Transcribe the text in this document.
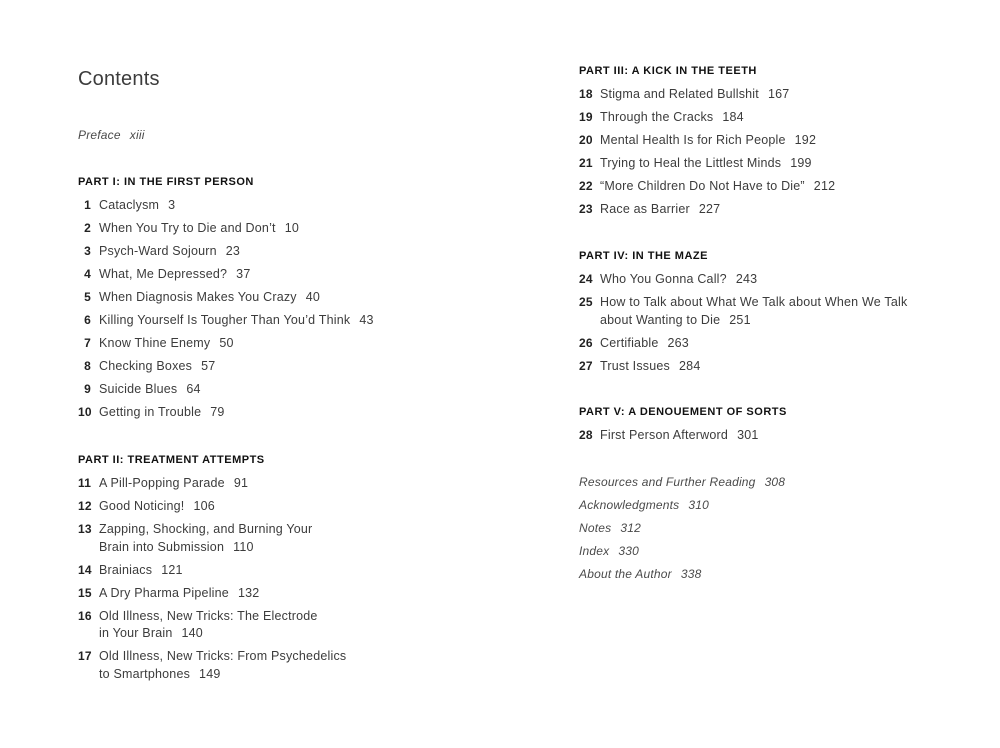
Contents
Preface xiii
PART I: IN THE FIRST PERSON
1 Cataclysm 3
2 When You Try to Die and Don’t 10
3 Psych-Ward Sojourn 23
4 What, Me Depressed? 37
5 When Diagnosis Makes You Crazy 40
6 Killing Yourself Is Tougher Than You’d Think 43
7 Know Thine Enemy 50
8 Checking Boxes 57
9 Suicide Blues 64
10 Getting in Trouble 79
PART II: TREATMENT ATTEMPTS
11 A Pill-Popping Parade 91
12 Good Noticing! 106
13 Zapping, Shocking, and Burning Your
Brain into Submission 110
14 Brainiacs 121
15 A Dry Pharma Pipeline 132
16 Old Illness, New Tricks: The Electrode
in Your Brain 140
17 Old Illness, New Tricks: From Psychedelics
to Smartphones 149
PART III: A KICK IN THE TEETH
18 Stigma and Related Bullshit 167
19 Through the Cracks 184
20 Mental Health Is for Rich People 192
21 Trying to Heal the Littlest Minds 199
22 “More Children Do Not Have to Die” 212
23 Race as Barrier 227
PART IV: IN THE MAZE
24 Who You Gonna Call? 243
25 How to Talk about What We Talk about When We Talk
about Wanting to Die 251
26 Certifiable 263
27 Trust Issues 284
PART V: A DENOUEMENT OF SORTS
28 First Person Afterword 301
Resources and Further Reading 308
Acknowledgments 310
Notes 312
Index 330
About the Author 338
